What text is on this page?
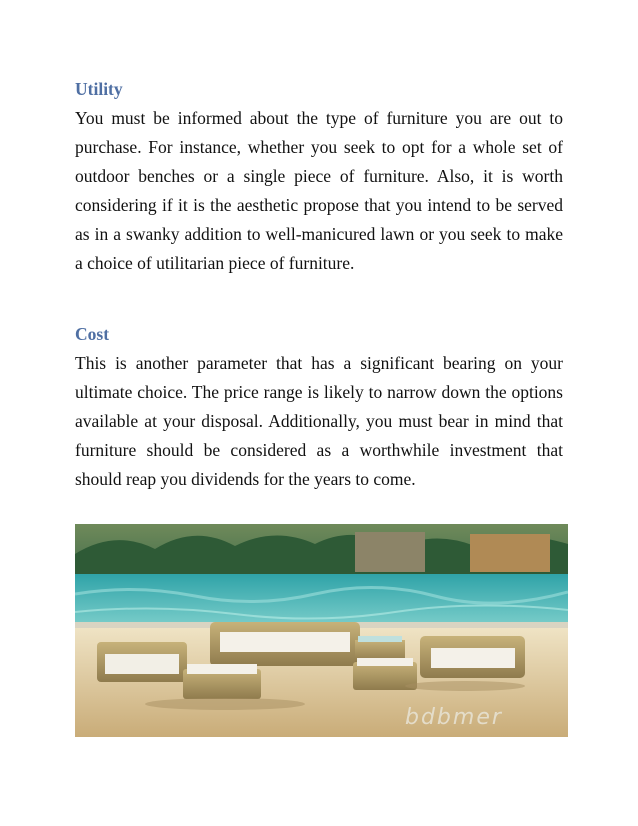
Utility

You must be informed about the type of furniture you are out to purchase. For instance, whether you seek to opt for a whole set of outdoor benches or a single piece of furniture. Also, it is worth considering if it is the aesthetic propose that you intend to be served as in a swanky addition to well-manicured lawn or you seek to make a choice of utilitarian piece of furniture.

Cost

This is another parameter that has a significant bearing on your ultimate choice. The price range is likely to narrow down the options available at your disposal. Additionally, you must bear in mind that furniture should be considered as a worthwhile investment that should reap you dividends for the years to come.

bdbmer
